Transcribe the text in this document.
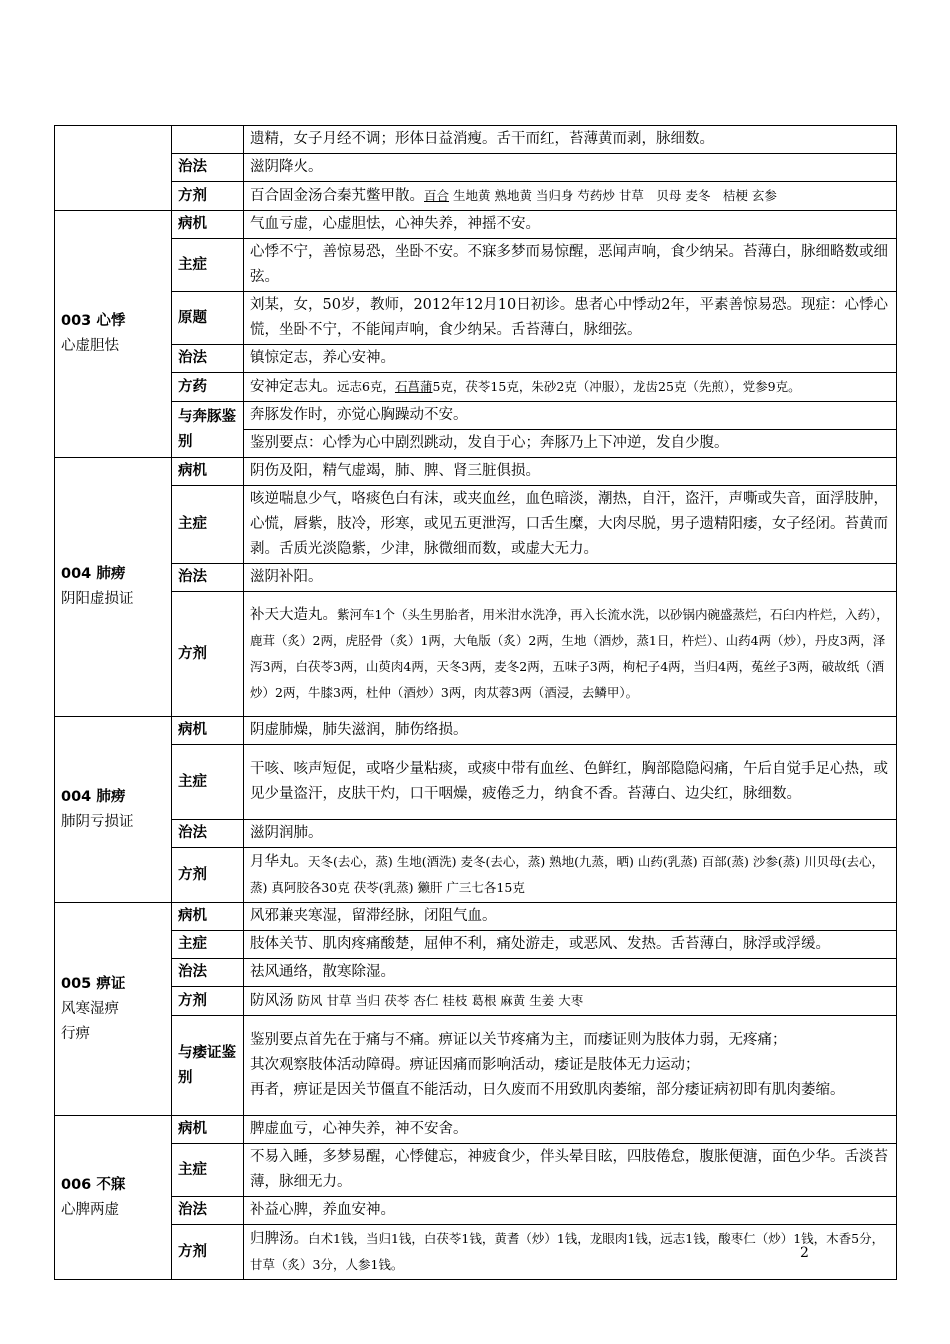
		遗精，女子月经不调；形体日益消瘦。舌干而红，苔薄黄而剥，脉细数。
	治法	滋阴降火。
	方剂	百合固金汤合秦艽鳖甲散。百合 生地黄 熟地黄 当归身 芍药炒 甘草　贝母 麦冬　桔梗 玄参

003 心悸
心虚胆怯	病机	气血亏虚，心虚胆怯，心神失养，神摇不安。
	主症	心悸不宁，善惊易恐，坐卧不安。不寐多梦而易惊醒，恶闻声响，食少纳呆。苔薄白，脉细略数或细弦。
	原题	刘某，女，50岁，教师，2012年12月10日初诊。患者心中悸动2年，平素善惊易恐。现症：心悸心慌，坐卧不宁，不能闻声响，食少纳呆。舌苔薄白，脉细弦。
	治法	镇惊定志，养心安神。
	方药	安神定志丸。远志6克，石菖蒲5克，茯苓15克，朱砂2克（冲服），龙齿25克（先煎），党参9克。
	与奔豚鉴别	奔豚发作时，亦觉心胸躁动不安。
		鉴别要点：心悸为心中剧烈跳动，发自于心；奔豚乃上下冲逆，发自少腹。

004 肺痨
阴阳虚损证	病机	阴伤及阳，精气虚竭，肺、脾、肾三脏俱损。
	主症	咳逆喘息少气，咯痰色白有沫，或夹血丝，血色暗淡，潮热，自汗，盗汗，声嘶或失音，面浮肢肿，心慌，唇紫，肢冷，形寒，或见五更泄泻，口舌生糜，大肉尽脱，男子遗精阳痿，女子经闭。苔黄而剥。舌质光淡隐紫，少津，脉微细而数，或虚大无力。
	治法	滋阴补阳。
	方剂	补天大造丸。紫河车1个（头生男胎者，用米泔水洗净，再入长流水洗，以砂锅内碗盛蒸烂，石臼内杵烂，入药），鹿茸（炙）2两，虎胫骨（炙）1两，大龟版（炙）2两，生地（酒炒，蒸1日，杵烂）、山药4两（炒），丹皮3两，泽泻3两，白茯苓3两，山萸肉4两，天冬3两，麦冬2两，五味子3两，枸杞子4两，当归4两，菟丝子3两，破故纸（酒炒）2两，牛膝3两，杜仲（酒炒）3两，肉苁蓉3两（酒浸，去鳞甲）。

004 肺痨
肺阴亏损证	病机	阴虚肺燥，肺失滋润，肺伤络损。
	主症	干咳、咳声短促，或咯少量粘痰，或痰中带有血丝、色鲜红，胸部隐隐闷痛，午后自觉手足心热，或见少量盗汗，皮肤干灼，口干咽燥，疲倦乏力，纳食不香。苔薄白、边尖红，脉细数。
	治法	滋阴润肺。
	方剂	月华丸。天冬(去心，蒸) 生地(酒洗) 麦冬(去心，蒸) 熟地(九蒸，晒) 山药(乳蒸) 百部(蒸) 沙参(蒸) 川贝母(去心，蒸) 真阿胶各30克 茯苓(乳蒸) 獭肝 广三七各15克

005 痹证
风寒湿痹
行痹	病机	风邪兼夹寒湿，留滞经脉，闭阻气血。
	主症	肢体关节、肌肉疼痛酸楚，屈伸不利，痛处游走，或恶风、发热。舌苔薄白，脉浮或浮缓。
	治法	祛风通络，散寒除湿。
	方剂	防风汤 防风 甘草 当归 茯苓 杏仁 桂枝 葛根 麻黄 生姜 大枣
	与痿证鉴别	鉴别要点首先在于痛与不痛。痹证以关节疼痛为主，而痿证则为肢体力弱，无疼痛；
其次观察肢体活动障碍。痹证因痛而影响活动，痿证是肢体无力运动；
再者，痹证是因关节僵直不能活动，日久废而不用致肌肉萎缩，部分痿证病初即有肌肉萎缩。

006 不寐
心脾两虚	病机	脾虚血亏，心神失养，神不安舍。
	主症	不易入睡，多梦易醒，心悸健忘，神疲食少，伴头晕目眩，四肢倦怠，腹胀便溏，面色少华。舌淡苔薄，脉细无力。
	治法	补益心脾，养血安神。
	方剂	归脾汤。白术1钱，当归1钱，白茯苓1钱，黄耆（炒）1钱，龙眼肉1钱，远志1钱，酸枣仁（炒）1钱，木香5分，甘草（炙）3分，人参1钱。
2
